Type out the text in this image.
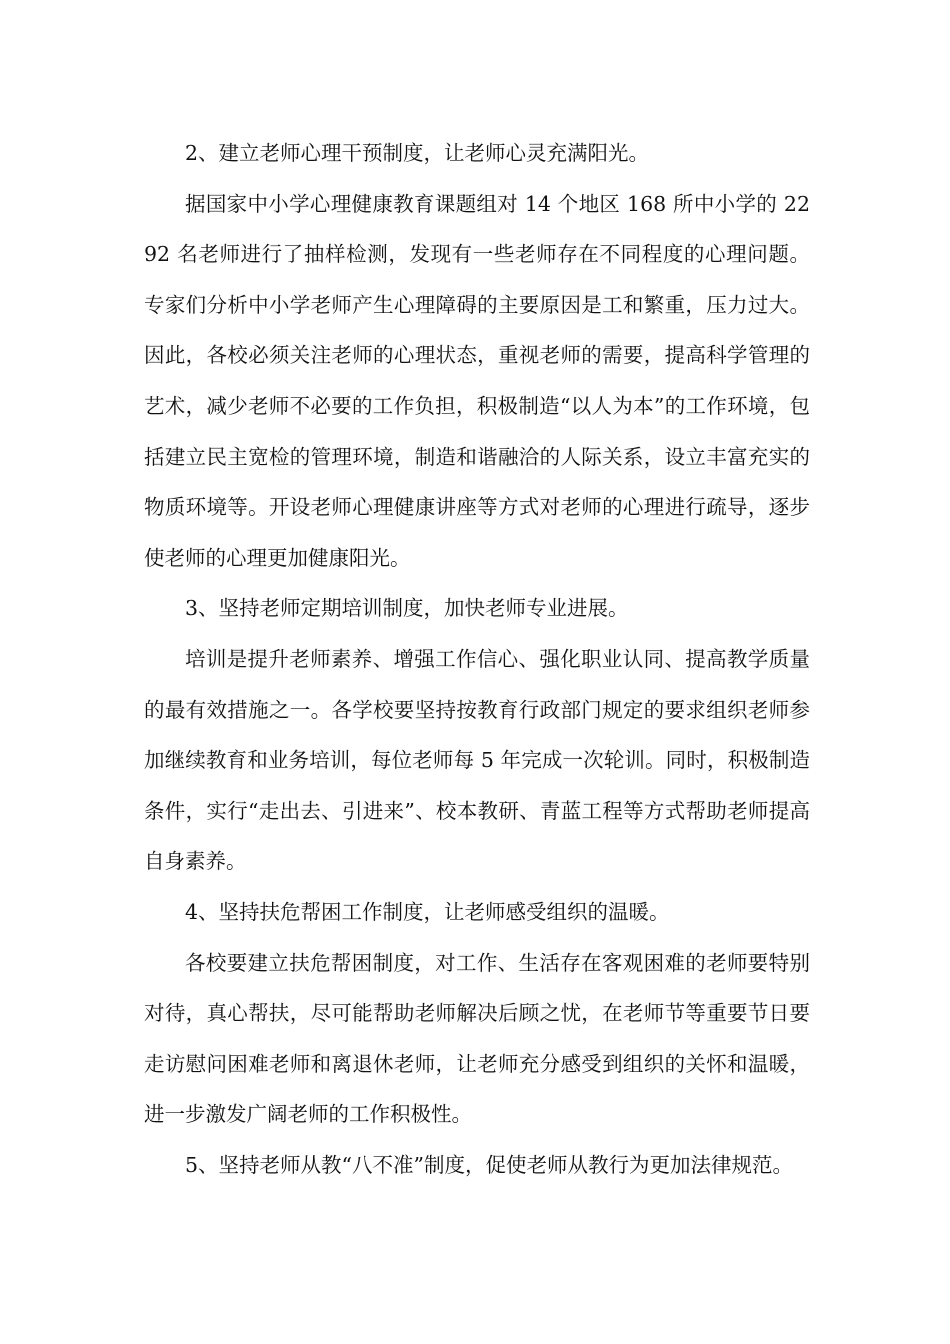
2、建立老师心理干预制度，让老师心灵充满阳光。

据国家中小学心理健康教育课题组对 14 个地区 168 所中小学的 2292 名老师进行了抽样检测，发现有一些老师存在不同程度的心理问题。专家们分析中小学老师产生心理障碍的主要原因是工和繁重，压力过大。因此，各校必须关注老师的心理状态，重视老师的需要，提高科学管理的艺术，减少老师不必要的工作负担，积极制造“以人为本”的工作环境，包括建立民主宽检的管理环境，制造和谐融洽的人际关系，设立丰富充实的物质环境等。开设老师心理健康讲座等方式对老师的心理进行疏导，逐步使老师的心理更加健康阳光。

3、坚持老师定期培训制度，加快老师专业进展。

培训是提升老师素养、增强工作信心、强化职业认同、提高教学质量的最有效措施之一。各学校要坚持按教育行政部门规定的要求组织老师参加继续教育和业务培训，每位老师每 5 年完成一次轮训。同时，积极制造条件，实行“走出去、引进来”、校本教研、青蓝工程等方式帮助老师提高自身素养。

4、坚持扶危帮困工作制度，让老师感受组织的温暖。

各校要建立扶危帮困制度，对工作、生活存在客观困难的老师要特别对待，真心帮扶，尽可能帮助老师解决后顾之忧，在老师节等重要节日要走访慰问困难老师和离退休老师，让老师充分感受到组织的关怀和温暖，进一步激发广阔老师的工作积极性。

5、坚持老师从教“八不准”制度，促使老师从教行为更加法律规范。
